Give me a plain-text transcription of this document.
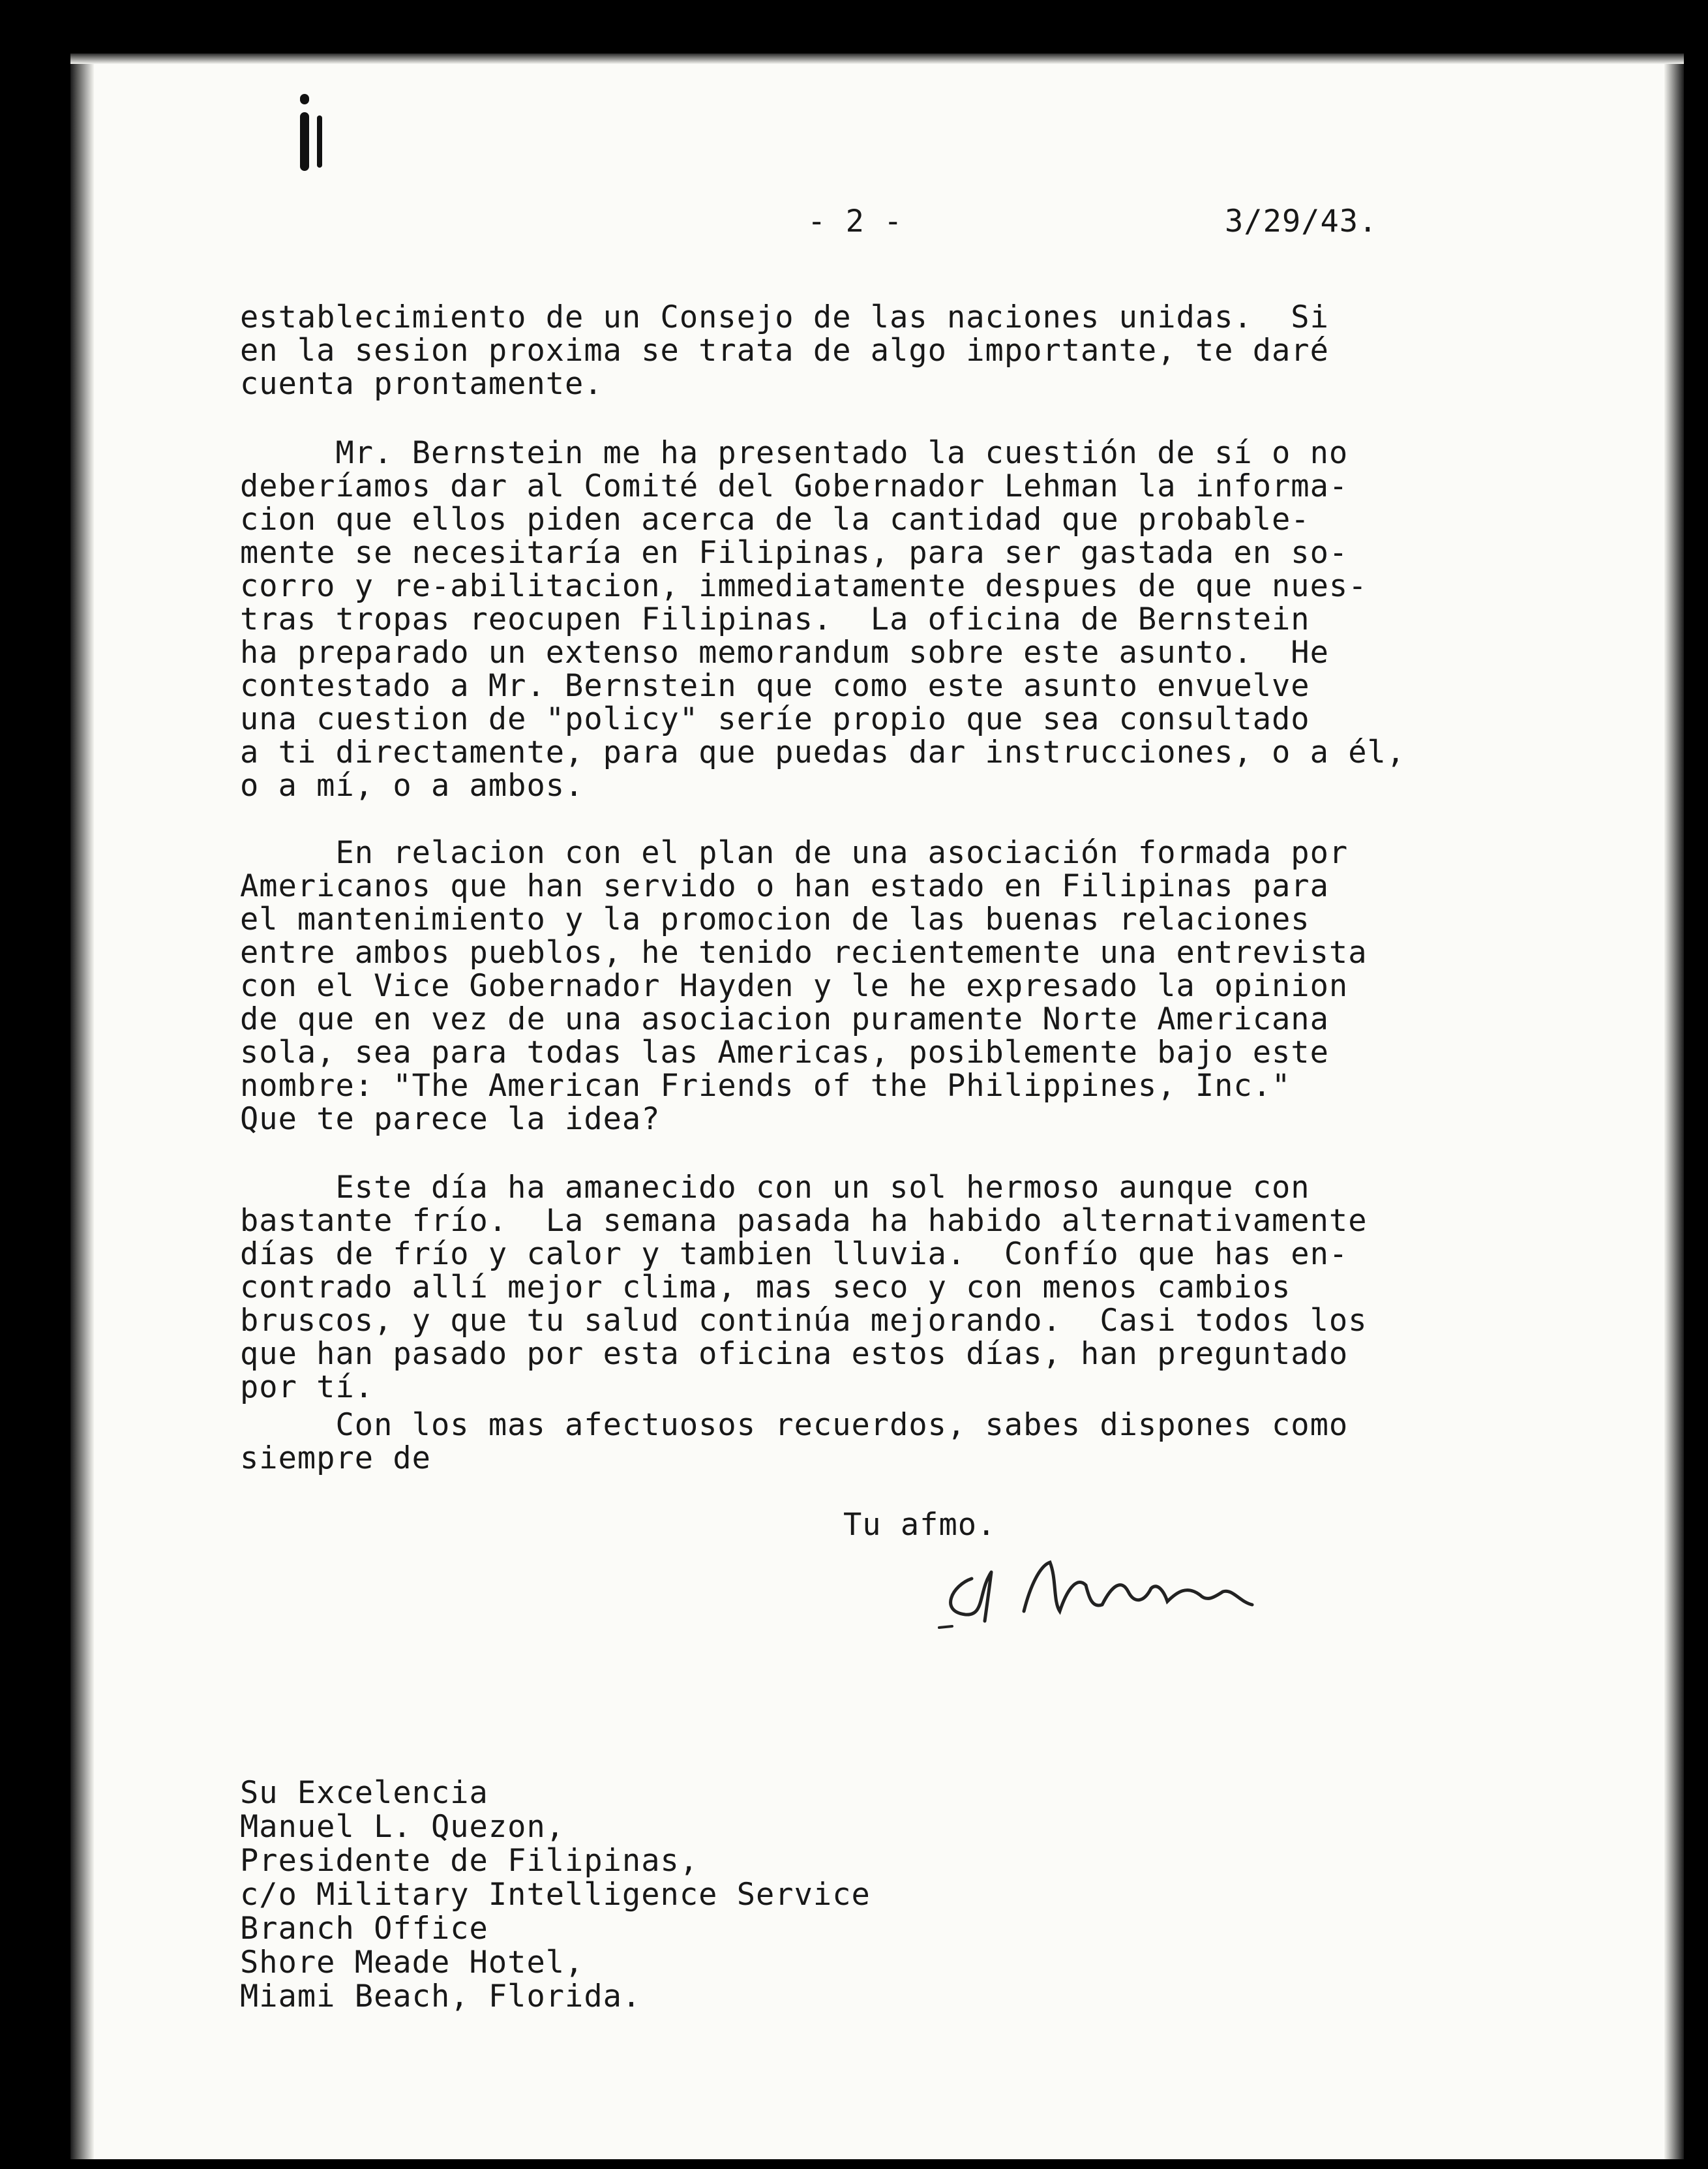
- 2 -	3/29/43.
establecimiento de un Consejo de las naciones unidas.  Si
en la sesion proxima se trata de algo importante, te daré
cuenta prontamente.
Mr. Bernstein me ha presentado la cuestión de sí o no
deberíamos dar al Comité del Gobernador Lehman la informa-
cion que ellos piden acerca de la cantidad que probable-
mente se necesitaría en Filipinas, para ser gastada en so-
corro y re-abilitacion, immediatamente despues de que nues-
tras tropas reocupen Filipinas.  La oficina de Bernstein
ha preparado un extenso memorandum sobre este asunto.  He
contestado a Mr. Bernstein que como este asunto envuelve
una cuestion de "policy" seríe propio que sea consultado
a ti directamente, para que puedas dar instrucciones, o a él,
o a mí, o a ambos.
En relacion con el plan de una asociación formada por
Americanos que han servido o han estado en Filipinas para
el mantenimiento y la promocion de las buenas relaciones
entre ambos pueblos, he tenido recientemente una entrevista
con el Vice Gobernador Hayden y le he expresado la opinion
de que en vez de una asociacion puramente Norte Americana
sola, sea para todas las Americas, posiblemente bajo este
nombre: "The American Friends of the Philippines, Inc."
Que te parece la idea?
Este día ha amanecido con un sol hermoso aunque con
bastante frío.  La semana pasada ha habido alternativamente
días de frío y calor y tambien lluvia.  Confío que has en-
contrado allí mejor clima, mas seco y con menos cambios
bruscos, y que tu salud continúa mejorando.  Casi todos los
que han pasado por esta oficina estos días, han preguntado
por tí.
Con los mas afectuosos recuerdos, sabes dispones como
siempre de
Tu afmo.
Su Excelencia
Manuel L. Quezon,
Presidente de Filipinas,
c/o Military Intelligence Service
Branch Office
Shore Meade Hotel,
Miami Beach, Florida.
